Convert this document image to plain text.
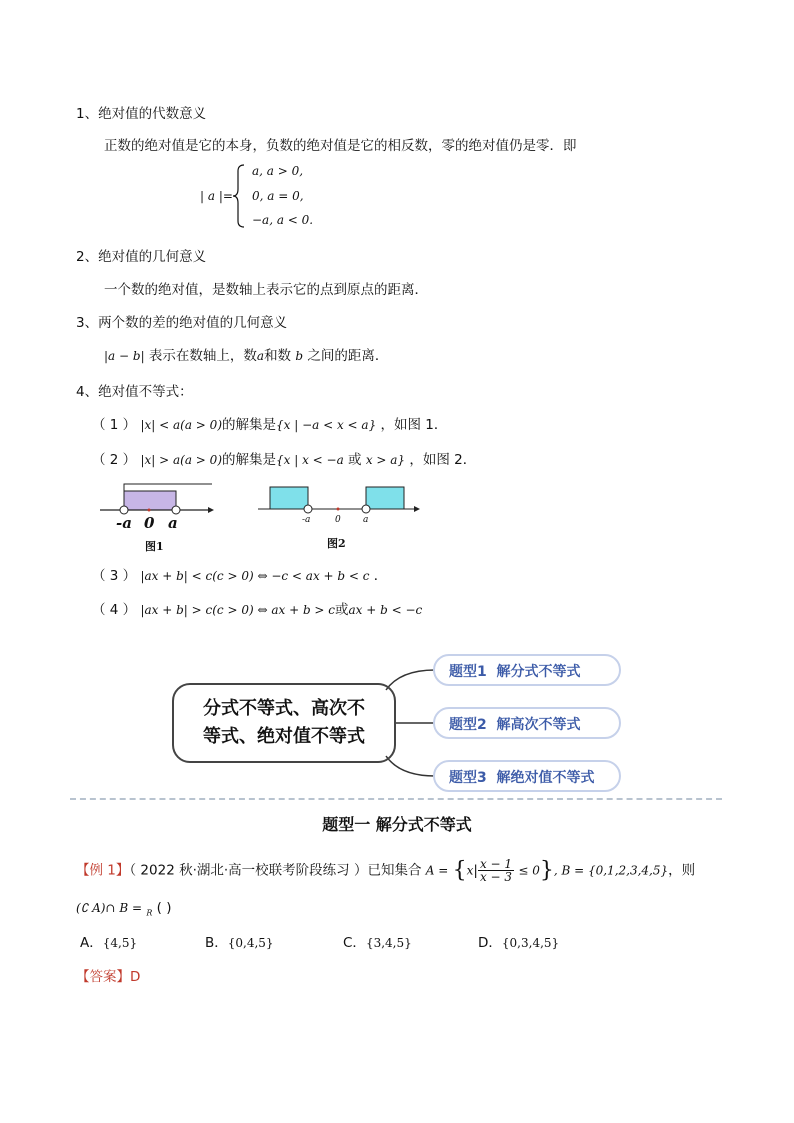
1、绝对值的代数意义
正数的绝对值是它的本身，负数的绝对值是它的相反数，零的绝对值仍是零．即
| a |=
a, a > 0,
0, a = 0,
−a, a < 0.
2、绝对值的几何意义
一个数的绝对值，是数轴上表示它的点到原点的距离．
3、两个数的差的绝对值的几何意义
|a − b| 表示在数轴上，数a和数 b 之间的距离．
4、绝对值不等式：
（ 1 ） |x| < a(a > 0)的解集是{x | −a < x < a} ，如图 1．
（ 2 ） |x| > a(a > 0)的解集是{x | x < −a 或 x > a} ，如图 2．
-a 0 a
图1
-a	0 a
图2
（ 3 ） |ax + b| < c(c > 0) ⇔ −c < ax + b < c ．
（ 4 ） |ax + b| > c(c > 0) ⇔ ax + b > c或ax + b < −c
分式不等式、高次不
等式、绝对值不等式
题型1 解分式不等式
题型2 解高次不等式
题型3 解绝对值不等式
题型一 解分式不等式
【例 1】（ 2022 秋·湖北·高一校联考阶段练习 ）已知集合 $A = \{x| \frac{x - 1}{x - 3} \le 0\}$, B = {0,1,2,3,4,5}，则
(∁ A)∩ B = $_R$ ( )
A．{4,5}	B．{0,4,5}	C．{3,4,5}	D．{0,3,4,5}
【答案】D
